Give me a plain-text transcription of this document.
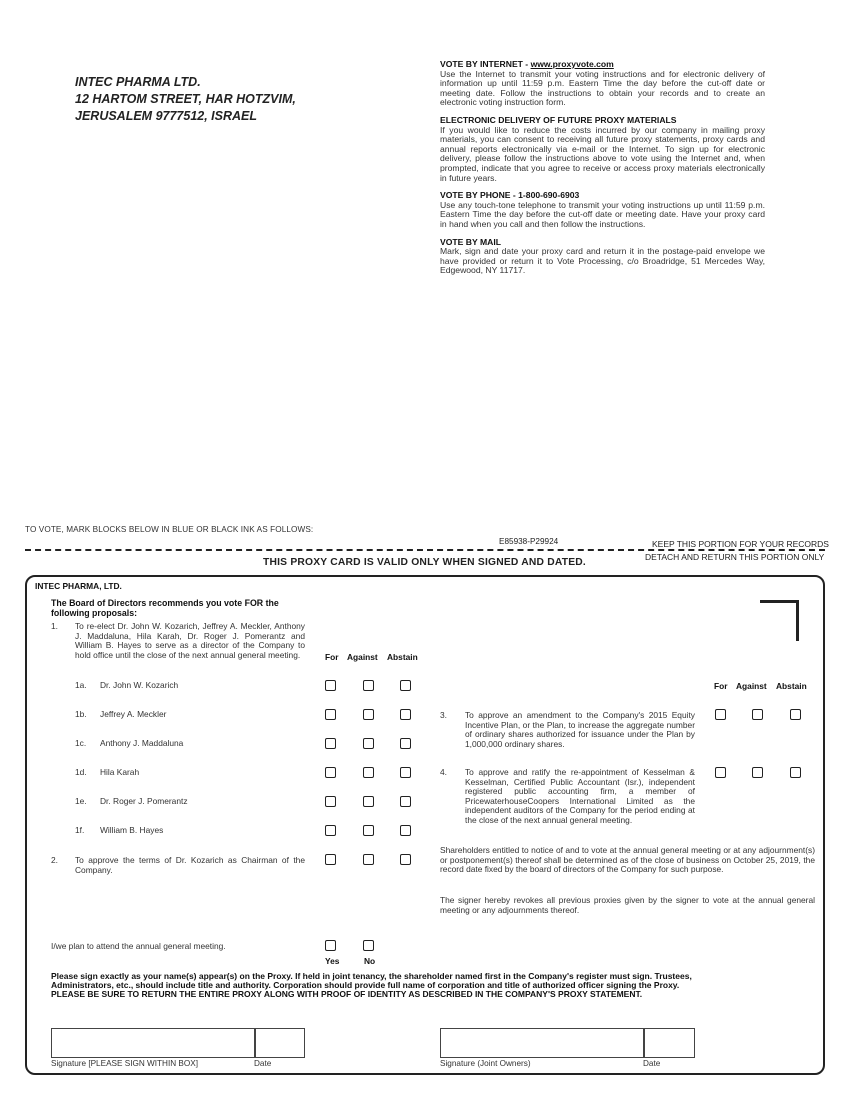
INTEC PHARMA LTD.
12 HARTOM STREET, HAR HOTZVIM,
JERUSALEM 9777512, ISRAEL
VOTE BY INTERNET - www.proxyvote.com
Use the Internet to transmit your voting instructions and for electronic delivery of information up until 11:59 p.m. Eastern Time the day before the cut-off date or meeting date. Follow the instructions to obtain your records and to create an electronic voting instruction form.
ELECTRONIC DELIVERY OF FUTURE PROXY MATERIALS
If you would like to reduce the costs incurred by our company in mailing proxy materials, you can consent to receiving all future proxy statements, proxy cards and annual reports electronically via e-mail or the Internet. To sign up for electronic delivery, please follow the instructions above to vote using the Internet and, when prompted, indicate that you agree to receive or access proxy materials electronically in future years.
VOTE BY PHONE - 1-800-690-6903
Use any touch-tone telephone to transmit your voting instructions up until 11:59 p.m. Eastern Time the day before the cut-off date or meeting date. Have your proxy card in hand when you call and then follow the instructions.
VOTE BY MAIL
Mark, sign and date your proxy card and return it in the postage-paid envelope we have provided or return it to Vote Processing, c/o Broadridge, 51 Mercedes Way, Edgewood, NY 11717.
TO VOTE, MARK BLOCKS BELOW IN BLUE OR BLACK INK AS FOLLOWS:
E85938-P29924	KEEP THIS PORTION FOR YOUR RECORDS
THIS PROXY CARD IS VALID ONLY WHEN SIGNED AND DATED.	DETACH AND RETURN THIS PORTION ONLY
INTEC PHARMA, LTD.
The Board of Directors recommends you vote FOR the following proposals:
1. To re-elect Dr. John W. Kozarich, Jeffrey A. Meckler, Anthony J. Maddaluna, Hila Karah, Dr. Roger J. Pomerantz and William B. Hayes to serve as a director of the Company to hold office until the close of the next annual general meeting.	For Against Abstain
1a. Dr. John W. Kozarich
1b. Jeffrey A. Meckler
1c. Anthony J. Maddaluna
1d. Hila Karah
1e. Dr. Roger J. Pomerantz
1f. William B. Hayes
2. To approve the terms of Dr. Kozarich as Chairman of the Company.
For Against Abstain
3. To approve an amendment to the Company's 2015 Equity Incentive Plan, or the Plan, to increase the aggregate number of ordinary shares authorized for issuance under the Plan by 1,000,000 ordinary shares.
4. To approve and ratify the re-appointment of Kesselman & Kesselman, Certified Public Accountant (Isr.), independent registered public accounting firm, a member of PricewaterhouseCoopers International Limited as the independent auditors of the Company for the period ending at the close of the next annual general meeting.
Shareholders entitled to notice of and to vote at the annual general meeting or at any adjournment(s) or postponement(s) thereof shall be determined as of the close of business on October 25, 2019, the record date fixed by the board of directors of the Company for such purpose.
The signer hereby revokes all previous proxies given by the signer to vote at the annual general meeting or any adjournments thereof.
I/we plan to attend the annual general meeting.
Yes	No
Please sign exactly as your name(s) appear(s) on the Proxy. If held in joint tenancy, the shareholder named first in the Company's register must sign. Trustees, Administrators, etc., should include title and authority. Corporation should provide full name of corporation and title of authorized officer signing the Proxy. PLEASE BE SURE TO RETURN THE ENTIRE PROXY ALONG WITH PROOF OF IDENTITY AS DESCRIBED IN THE COMPANY'S PROXY STATEMENT.
Signature [PLEASE SIGN WITHIN BOX]	Date	Signature (Joint Owners)	Date
